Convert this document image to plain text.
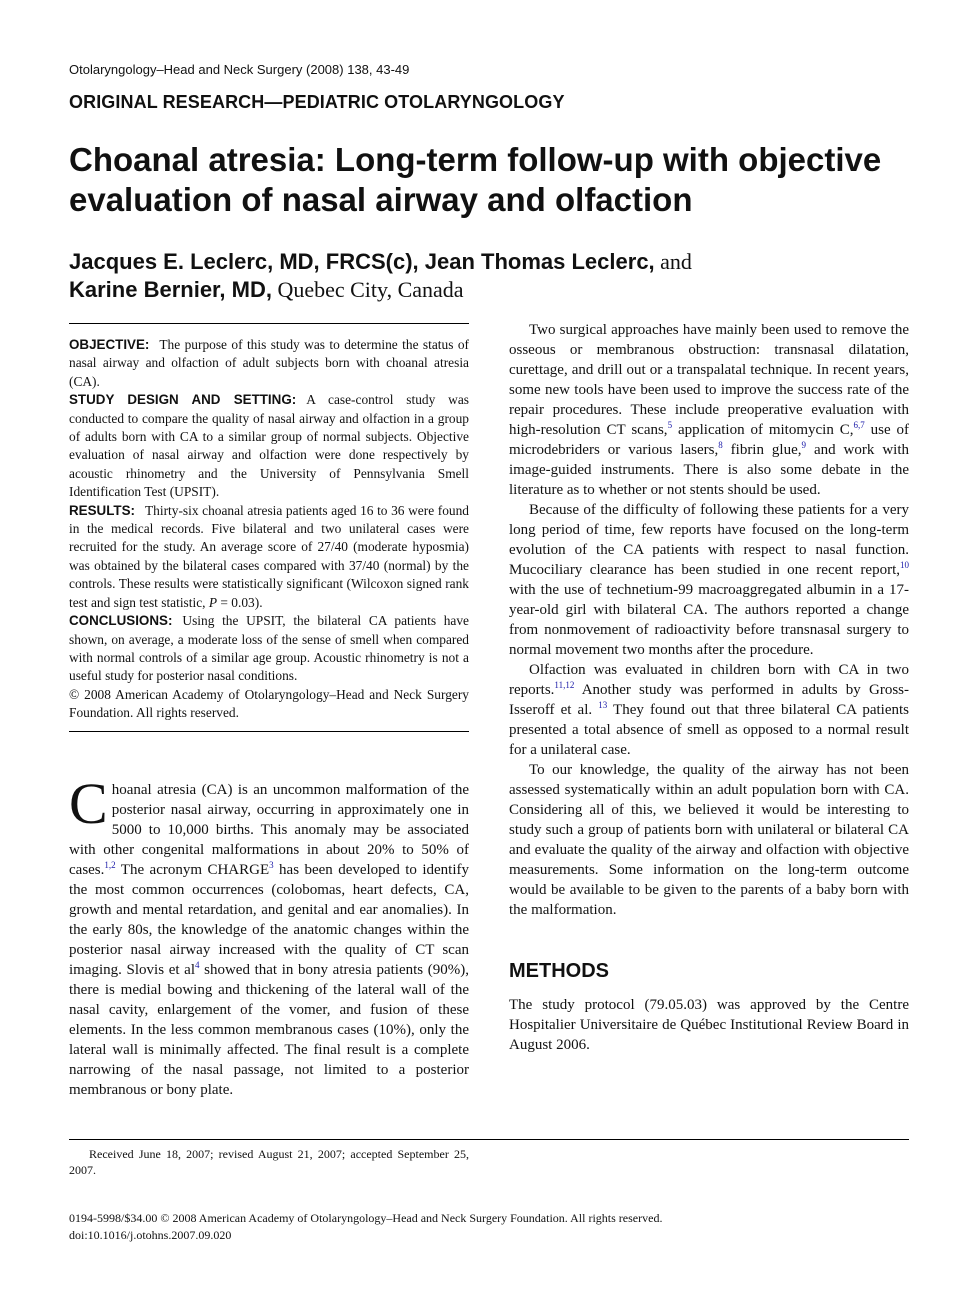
Otolaryngology–Head and Neck Surgery (2008) 138, 43-49
ORIGINAL RESEARCH—PEDIATRIC OTOLARYNGOLOGY
Choanal atresia: Long-term follow-up with objective evaluation of nasal airway and olfaction
Jacques E. Leclerc, MD, FRCS(c), Jean Thomas Leclerc, and
Karine Bernier, MD, Quebec City, Canada

OBJECTIVE: The purpose of this study was to determine the status of nasal airway and olfaction of adult subjects born with choanal atresia (CA).

STUDY DESIGN AND SETTING: A case-control study was conducted to compare the quality of nasal airway and olfaction in a group of adults born with CA to a similar group of normal subjects. Objective evaluation of nasal airway and olfaction were done respectively by acoustic rhinometry and the University of Pennsylvania Smell Identification Test (UPSIT).

RESULTS: Thirty-six choanal atresia patients aged 16 to 36 were found in the medical records. Five bilateral and two unilateral cases were recruited for the study. An average score of 27/40 (moderate hyposmia) was obtained by the bilateral cases compared with 37/40 (normal) by the controls. These results were statistically significant (Wilcoxon signed rank test and sign test statistic, P = 0.03).

CONCLUSIONS: Using the UPSIT, the bilateral CA patients have shown, on average, a moderate loss of the sense of smell when compared with normal controls of a similar age group. Acoustic rhinometry is not a useful study for posterior nasal conditions.

© 2008 American Academy of Otolaryngology–Head and Neck Surgery Foundation. All rights reserved.

Choanal atresia (CA) is an uncommon malformation of the posterior nasal airway, occurring in approximately one in 5000 to 10,000 births. This anomaly may be associated with other congenital malformations in about 20% to 50% of cases.$^{1,2}$ The acronym CHARGE$^3$ has been developed to identify the most common occurrences (colobomas, heart defects, CA, growth and mental retardation, and genital and ear anomalies). In the early 80s, the knowledge of the anatomic changes within the posterior nasal airway increased with the quality of CT scan imaging. Slovis et al$^4$ showed that in bony atresia patients (90%), there is medial bowing and thickening of the lateral wall of the nasal cavity, enlargement of the vomer, and fusion of these elements. In the less common membranous cases (10%), only the lateral wall is minimally affected. The final result is a complete narrowing of the nasal passage, not limited to a posterior membranous or bony plate.

Two surgical approaches have mainly been used to remove the osseous or membranous obstruction: transnasal dilatation, curettage, and drill out or a transpalatal technique. In recent years, some new tools have been used to improve the success rate of the repair procedures. These include preoperative evaluation with high-resolution CT scans,$^5$ application of mitomycin C,$^{6,7}$ use of microdebriders or various lasers,$^8$ fibrin glue,$^9$ and work with image-guided instruments. There is also some debate in the literature as to whether or not stents should be used.

Because of the difficulty of following these patients for a very long period of time, few reports have focused on the long-term evolution of the CA patients with respect to nasal function. Mucociliary clearance has been studied in one recent report,$^{10}$ with the use of technetium-99 macroaggregated albumin in a 17-year-old girl with bilateral CA. The authors reported a change from nonmovement of radioactivity before transnasal surgery to normal movement two months after the procedure.

Olfaction was evaluated in children born with CA in two reports.$^{11,12}$ Another study was performed in adults by Gross-Isseroff et al. $^{13}$ They found out that three bilateral CA patients presented a total absence of smell as opposed to a normal result for a unilateral case.

To our knowledge, the quality of the airway has not been assessed systematically within an adult population born with CA. Considering all of this, we believed it would be interesting to study such a group of patients born with unilateral or bilateral CA and evaluate the quality of the airway and olfaction with objective measurements. Some information on the long-term outcome would be available to be given to the parents of a baby born with the malformation.

METHODS

The study protocol (79.05.03) was approved by the Centre Hospitalier Universitaire de Québec Institutional Review Board in August 2006.

Received June 18, 2007; revised August 21, 2007; accepted September 25, 2007.
0194-5998/$34.00 © 2008 American Academy of Otolaryngology–Head and Neck Surgery Foundation. All rights reserved.
doi:10.1016/j.otohns.2007.09.020
